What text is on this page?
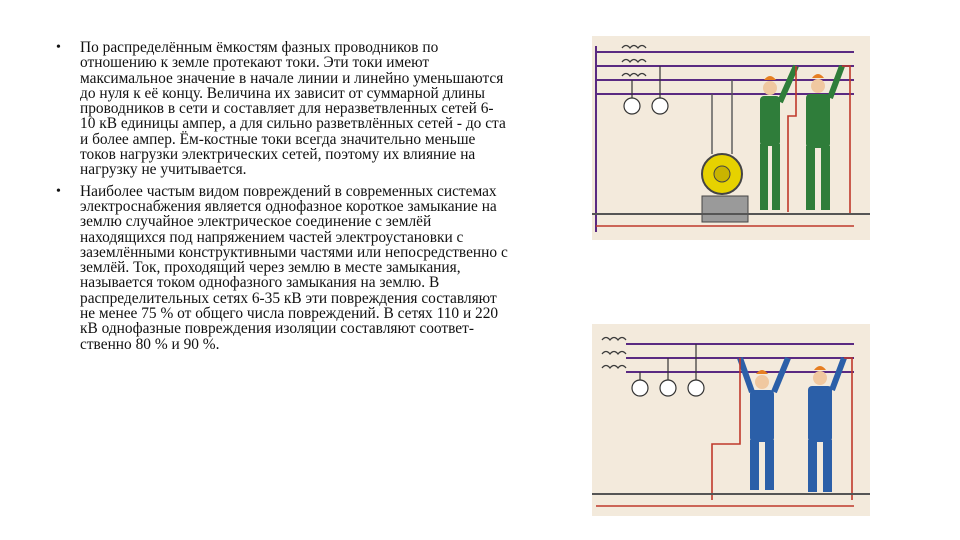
• По распределённым ёмкостям фазных проводников по отношению к земле протекают токи. Эти токи имеют максимальное значение в начале линии и линейно уменьшаются до нуля к её концу. Величина их зависит от суммарной длины проводников в сети и составляет для неразветвленных сетей 6-10 кВ единицы ампер, а для сильно разветвлённых сетей - до ста и более ампер. Ём-костные токи всегда значительно меньше токов нагрузки электрических сетей, поэтому их влияние на нагрузку не учитывается.
• Наиболее частым видом повреждений в современных системах электроснабжения является однофазное короткое замыкание на землю случайное электрическое соединение с землёй находящихся под напряжением частей электроустановки с заземлёнными конструктивными частями или непосредственно с землёй. Ток, проходящий через землю в месте замыкания, называется током однофазного замыкания на землю. В распределительных сетях 6-35 кВ эти повреждения составляют не менее 75 % от общего числа повреждений. В сетях 110 и 220 кВ однофазные повреждения изоляции составляют соответ-ственно 80 % и 90 %.
